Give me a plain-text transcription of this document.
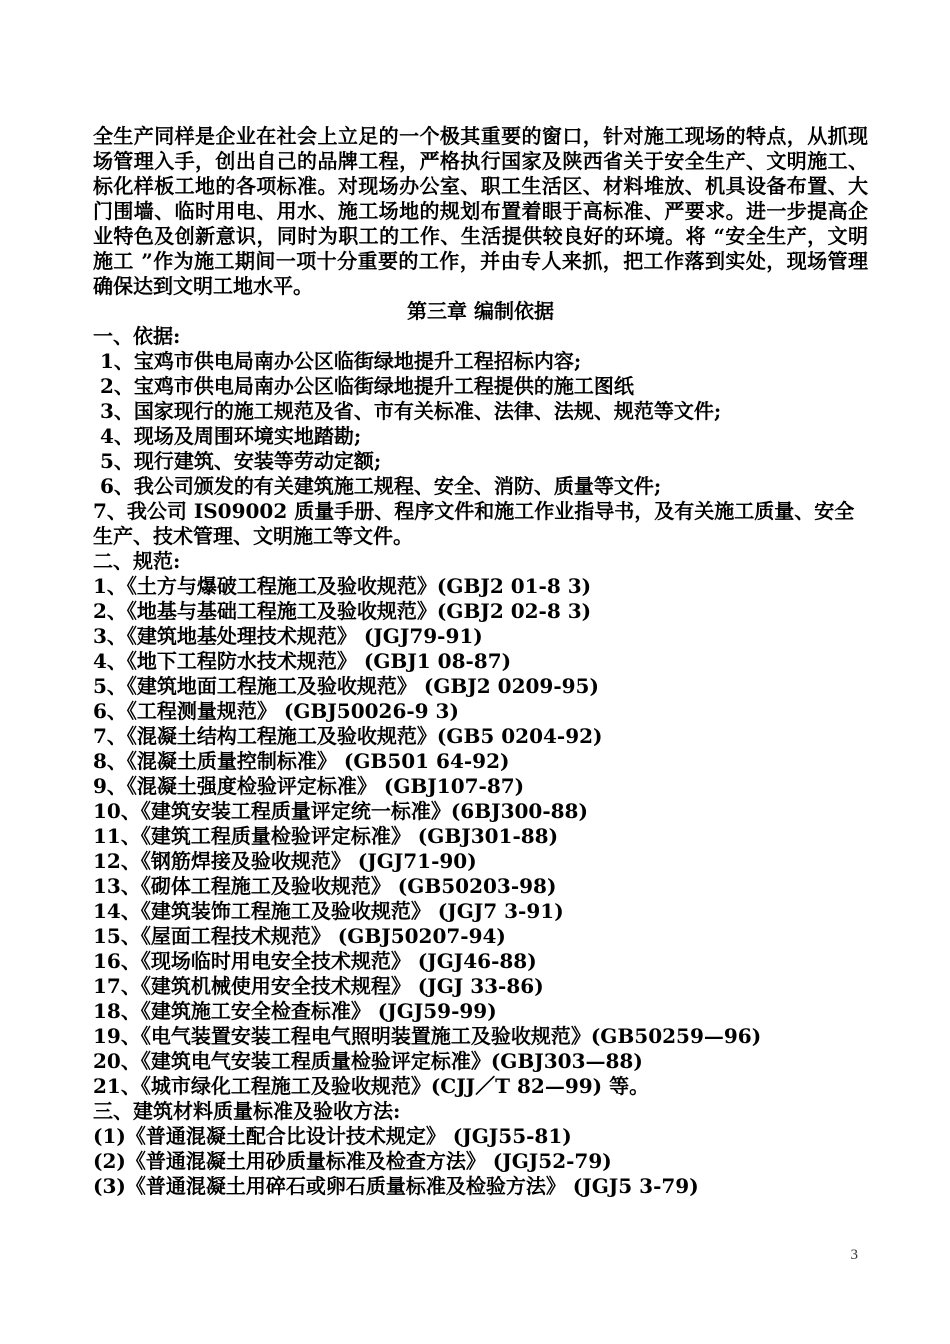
全生产同样是企业在社会上立足的一个极其重要的窗口，针对施工现场的特点，从抓现场管理入手，创出自己的品牌工程，严格执行国家及陕西省关于安全生产、文明施工、标化样板工地的各项标准。对现场办公室、职工生活区、材料堆放、机具设备布置、大门围墙、临时用电、用水、施工场地的规划布置着眼于高标准、严要求。进一步提高企业特色及创新意识，同时为职工的工作、生活提供较良好的环境。将 “安全生产，文明施工 ”作为施工期间一项十分重要的工作，并由专人来抓，把工作落到实处，现场管理确保达到文明工地水平。

第三章 编制依据

一、依据:

1、宝鸡市供电局南办公区临街绿地提升工程招标内容;

2、宝鸡市供电局南办公区临街绿地提升工程提供的施工图纸

3、国家现行的施工规范及省、市有关标准、法律、法规、规范等文件;

4、现场及周围环境实地踏勘;

5、现行建筑、安装等劳动定额;

6、我公司颁发的有关建筑施工规程、安全、消防、质量等文件;

7、我公司 IS09002 质量手册、程序文件和施工作业指导书，及有关施工质量、安全生产、技术管理、文明施工等文件。

二、规范:

1、《土方与爆破工程施工及验收规范》(GBJ2 01-8 3)

2、《地基与基础工程施工及验收规范》(GBJ2 02-8 3)

3、《建筑地基处理技术规范》 (JGJ79-91)

4、《地下工程防水技术规范》 (GBJ1 08-87)

5、《建筑地面工程施工及验收规范》 (GBJ2 0209-95)

6、《工程测量规范》 (GBJ50026-9 3)

7、《混凝土结构工程施工及验收规范》(GB5 0204-92)

8、《混凝土质量控制标准》 (GB501 64-92)

9、《混凝土强度检验评定标准》 (GBJ107-87)

10、《建筑安装工程质量评定统一标准》(6BJ300-88)

11、《建筑工程质量检验评定标准》 (GBJ301-88)

12、《钢筋焊接及验收规范》 (JGJ71-90)

13、《砌体工程施工及验收规范》 (GB50203-98)

14、《建筑装饰工程施工及验收规范》 (JGJ7 3-91)

15、《屋面工程技术规范》 (GBJ50207-94)

16、《现场临时用电安全技术规范》 (JGJ46-88)

17、《建筑机械使用安全技术规程》 (JGJ 33-86)

18、《建筑施工安全检查标准》 (JGJ59-99)

19、《电气装置安装工程电气照明装置施工及验收规范》(GB50259—96)

20、《建筑电气安装工程质量检验评定标准》(GBJ303—88)

21、《城市绿化工程施工及验收规范》(CJJ／T 82—99) 等。

三、建筑材料质量标准及验收方法:

(1)《普通混凝土配合比设计技术规定》 (JGJ55-81)

(2)《普通混凝土用砂质量标准及检查方法》 (JGJ52-79)

(3)《普通混凝土用碎石或卵石质量标准及检验方法》 (JGJ5 3-79)

3
